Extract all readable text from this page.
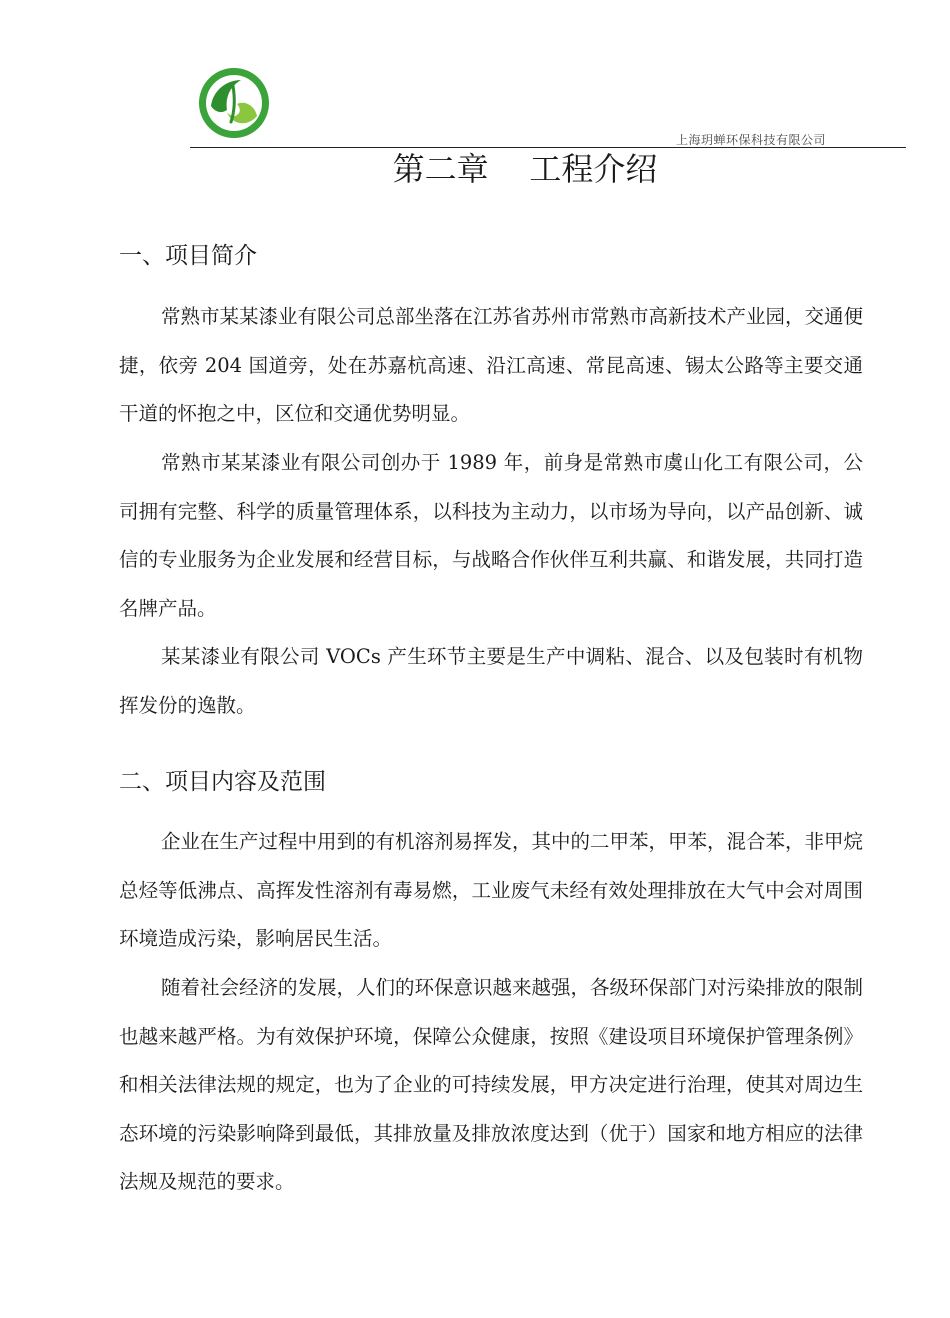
上海玥蝉环保科技有限公司
第二章    工程介绍
一、项目简介

常熟市某某漆业有限公司总部坐落在江苏省苏州市常熟市高新技术产业园，交通便捷，依旁 204 国道旁，处在苏嘉杭高速、沿江高速、常昆高速、锡太公路等主要交通干道的怀抱之中，区位和交通优势明显。

常熟市某某漆业有限公司创办于 1989 年，前身是常熟市虞山化工有限公司，公司拥有完整、科学的质量管理体系，以科技为主动力，以市场为导向，以产品创新、诚信的专业服务为企业发展和经营目标，与战略合作伙伴互利共赢、和谐发展，共同打造名牌产品。

某某漆业有限公司 VOCs 产生环节主要是生产中调粘、混合、以及包装时有机物挥发份的逸散。

二、项目内容及范围

企业在生产过程中用到的有机溶剂易挥发，其中的二甲苯，甲苯，混合苯，非甲烷总烃等低沸点、高挥发性溶剂有毒易燃，工业废气未经有效处理排放在大气中会对周围环境造成污染，影响居民生活。

随着社会经济的发展，人们的环保意识越来越强，各级环保部门对污染排放的限制也越来越严格。为有效保护环境，保障公众健康，按照《建设项目环境保护管理条例》和相关法律法规的规定，也为了企业的可持续发展，甲方决定进行治理，使其对周边生态环境的污染影响降到最低，其排放量及排放浓度达到（优于）国家和地方相应的法律法规及规范的要求。
